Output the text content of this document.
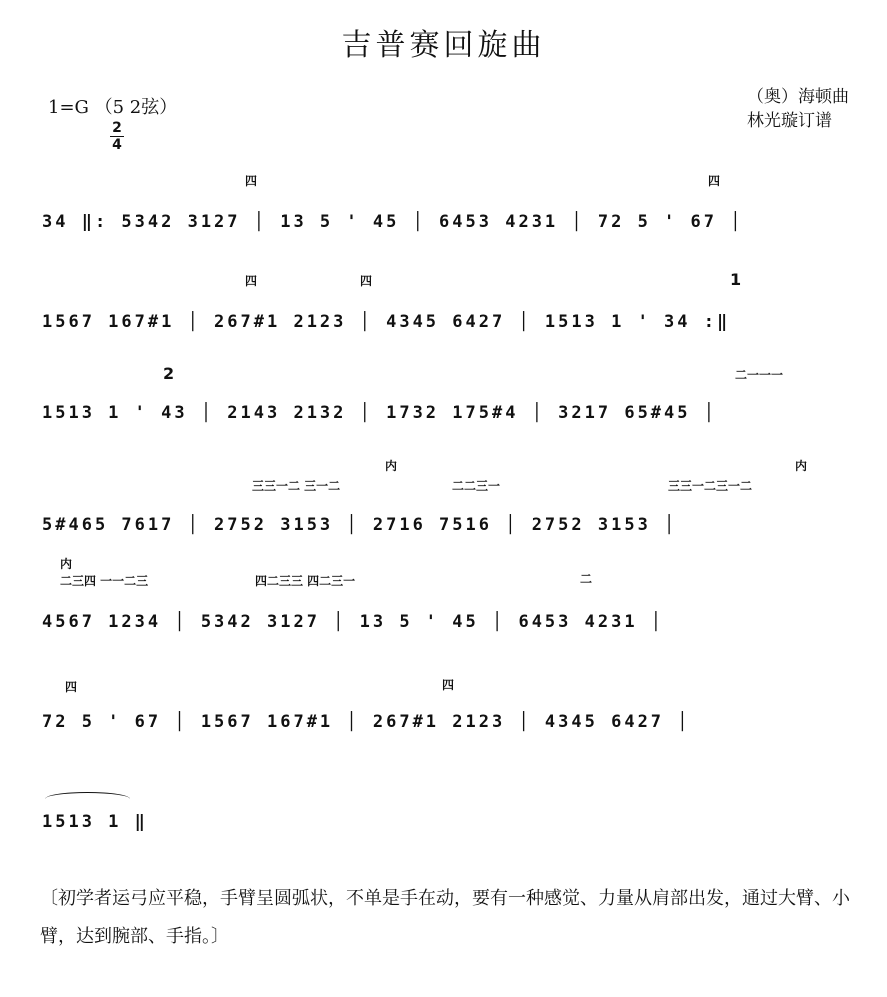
吉普赛回旋曲
1=G （5 2弦）
2
4
（奥）海顿曲
林光璇订谱
四	四
34 ‖: 5342 3127 │ 13 5 ' 45 │ 6453 4231 │ 72 5 ' 67 │
四	四	1
1567 167#1 │ 267#1 2123 │ 4345 6427 │ 1513 1 ' 34 :‖
2	二一一一
1513 1 ' 43 │ 2143 2132 │ 1732 175#4 │ 3217 65#45 │
内	内
三三一二 三一二	二二三一	三三一二三一二
5#465 7617 │ 2752 3153 │ 2716 7516 │ 2752 3153 │
内
二三四 一一二三	四二三三 四二三一	二
4567 1234 │ 5342 3127 │ 13 5 ' 45 │ 6453 4231 │
四	四
72 5 ' 67 │ 1567 167#1 │ 267#1 2123 │ 4345 6427 │
1513 1 ‖
〔初学者运弓应平稳，手臂呈圆弧状，不单是手在动，要有一种感觉、力量从肩部出发，通过大臂、小臂，达到腕部、手指。〕
